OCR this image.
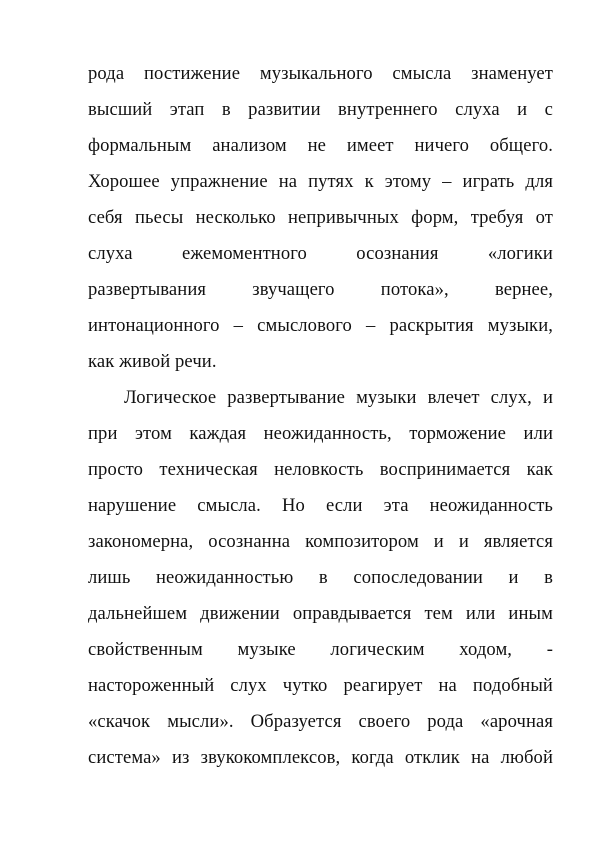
рода постижение музыкального смысла знаменует
высший этап в развитии внутреннего слуха и с
формальным анализом не имеет ничего общего.
Хорошее упражнение на путях к этому – играть для
себя пьесы несколько непривычных форм, требуя от
слуха ежемоментного осознания «логики
развертывания звучащего потока», вернее,
интонационного – смыслового – раскрытия музыки,
как живой речи.
Логическое развертывание музыки влечет слух, и
при этом каждая неожиданность, торможение или
просто техническая неловкость воспринимается как
нарушение смысла. Но если эта неожиданность
закономерна, осознанна композитором и и является
лишь неожиданностью в сопоследовании и в
дальнейшем движении оправдывается тем или иным
свойственным музыке логическим ходом, -
настороженный слух чутко реагирует на подобный
«скачок мысли». Образуется своего рода «арочная
система» из звукокомплексов, когда отклик на любой
